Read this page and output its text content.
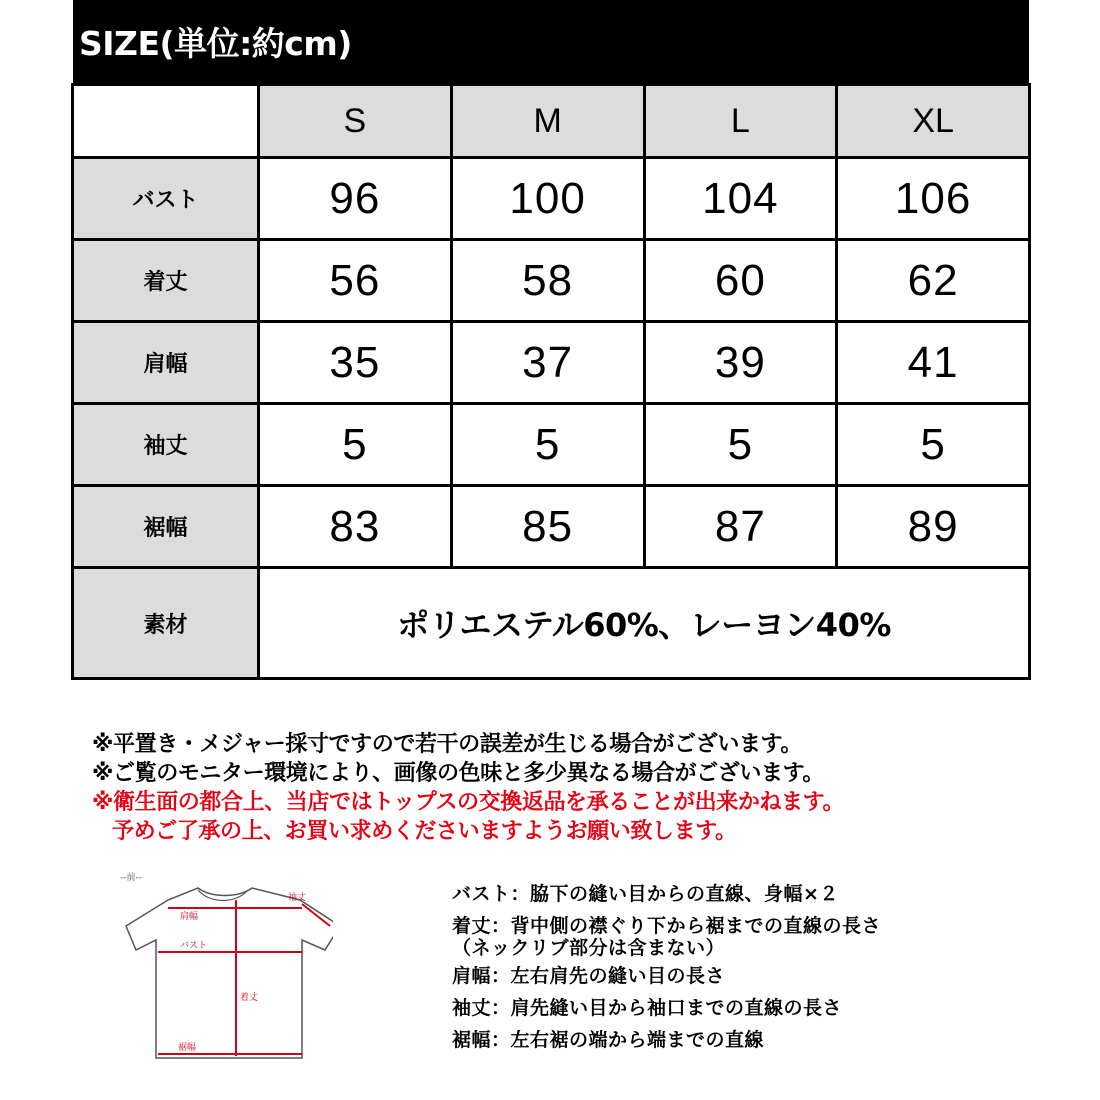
SIZE(単位:約cm)
	S	M	L	XL
バスト	96	100	104	106
着丈	56	58	60	62
肩幅	35	37	39	41
袖丈	5	5	5	5
裾幅	83	85	87	89
素材	ポリエステル60%、レーヨン40%			
※平置き・メジャー採寸ですので若干の誤差が生じる場合がございます。
※ご覧のモニター環境により、画像の色味と多少異なる場合がございます。
※衛生面の都合上、当店ではトップスの交換返品を承ることが出来かねます。
予めご了承の上、お買い求めくださいますようお願い致します。
--前--
袖丈
肩幅
バスト
着丈
裾幅
バスト：脇下の縫い目からの直線、身幅×２
着丈：背中側の襟ぐり下から裾までの直線の長さ
（ネックリブ部分は含まない）
肩幅：左右肩先の縫い目の長さ
袖丈：肩先縫い目から袖口までの直線の長さ
裾幅：左右裾の端から端までの直線
